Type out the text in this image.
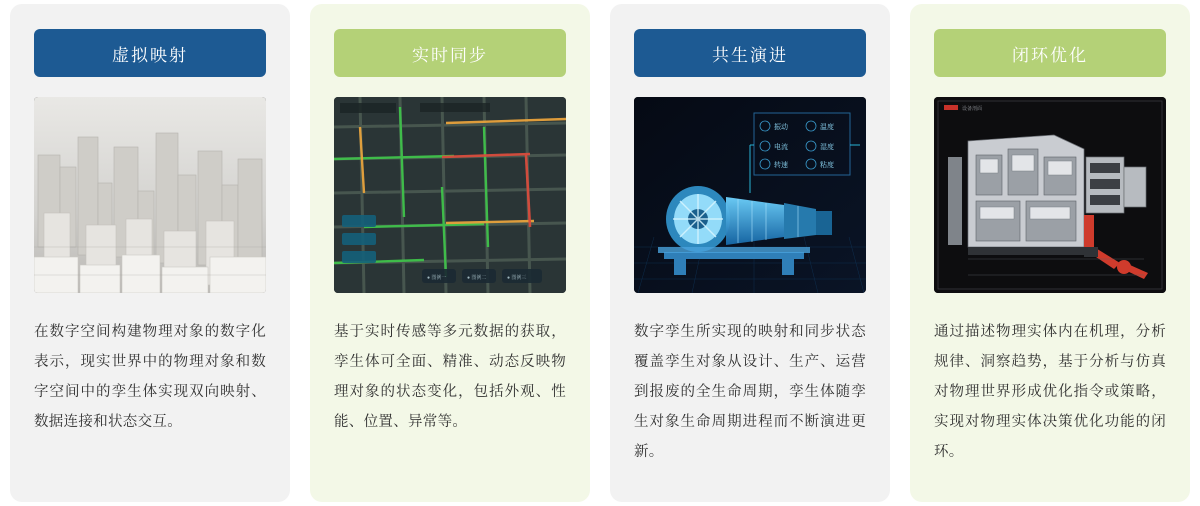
虚拟映射
在数字空间构建物理对象的数字化表示，现实世界中的物理对象和数字空间中的孪生体实现双向映射、数据连接和状态交互。
实时同步
● 图例一	● 图例二	● 图例三
基于实时传感等多元数据的获取，孪生体可全面、精准、动态反映物理对象的状态变化，包括外观、性能、位置、异常等。
共生演进
振动	温度
电流	湿度
转速	粘度
数字孪生所实现的映射和同步状态覆盖孪生对象从设计、生产、运营到报废的全生命周期，孪生体随孪生对象生命周期进程而不断演进更新。
闭环优化
设备剖面
通过描述物理实体内在机理，分析规律、洞察趋势，基于分析与仿真对物理世界形成优化指令或策略，实现对物理实体决策优化功能的闭环。
